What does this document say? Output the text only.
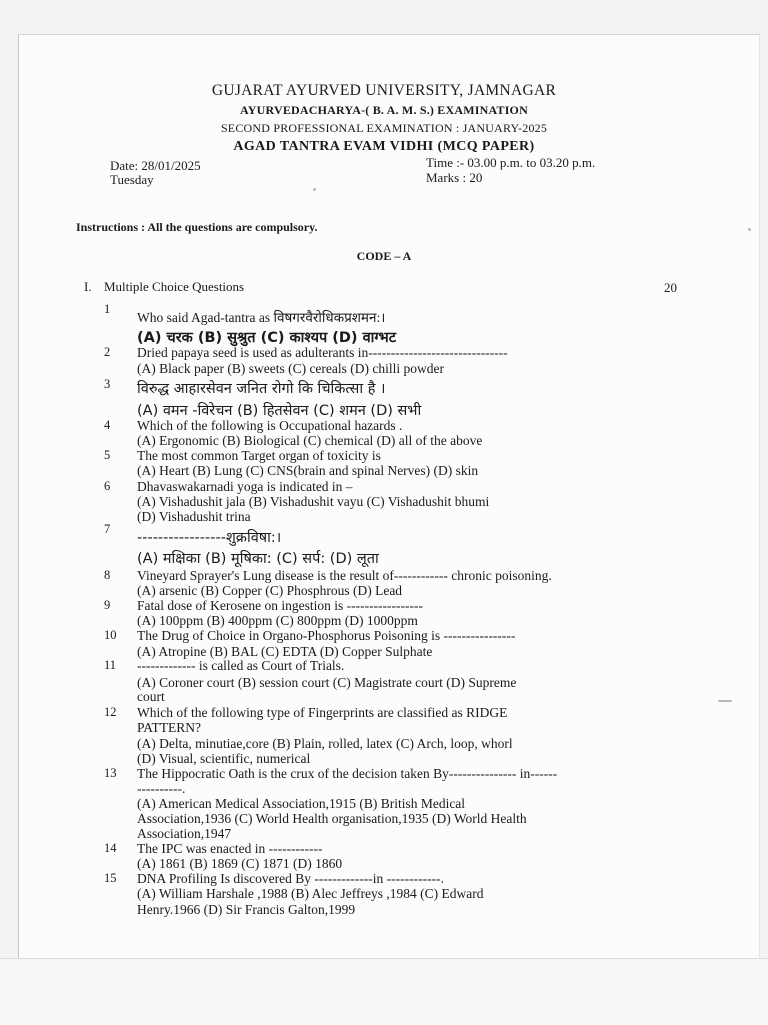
GUJARAT AYURVED UNIVERSITY, JAMNAGAR
AYURVEDACHARYA-( B. A. M. S.) EXAMINATION
SECOND PROFESSIONAL EXAMINATION : JANUARY-2025
AGAD TANTRA EVAM VIDHI (MCQ PAPER)
Date: 28/01/2025
Tuesday
Time :- 03.00 p.m. to 03.20 p.m.
Marks : 20
Instructions : All the questions are compulsory.
CODE – A
I. Multiple Choice Questions	20
1
Who said Agad-tantra as विषगरवैरोधिकप्रशमन:।
(A) चरक (B) सुश्रुत (C) काश्यप (D) वाग्भट
2 Dried papaya seed is used as adulterants in-------------------------------
(A) Black paper (B) sweets (C) cereals (D) chilli powder
3 विरुद्ध आहारसेवन जनित रोगो कि चिकित्सा है ।
(A) वमन -विरेचन (B) हितसेवन (C) शमन (D) सभी
4 Which of the following is Occupational hazards .
(A) Ergonomic (B) Biological (C) chemical (D) all of the above
5 The most common Target organ of toxicity is
(A) Heart (B) Lung (C) CNS(brain and spinal Nerves) (D) skin
6 Dhavaswakarnadi yoga is indicated in –
(A) Vishadushit jala (B) Vishadushit vayu (C) Vishadushit bhumi
(D) Vishadushit trina
7
-----------------शुक्रविषा:।
(A) मक्षिका (B) मूषिका: (C) सर्प: (D) लूता
8 Vineyard Sprayer's Lung disease is the result of------------ chronic poisoning.
(A) arsenic (B) Copper (C) Phosphrous (D) Lead
9 Fatal dose of Kerosene on ingestion is -----------------
(A) 100ppm (B) 400ppm (C) 800ppm (D) 1000ppm
10 The Drug of Choice in Organo-Phosphorus Poisoning is ----------------
(A) Atropine (B) BAL (C) EDTA (D) Copper Sulphate
11 ------------- is called as Court of Trials.
(A) Coroner court (B) session court (C) Magistrate court (D) Supreme
court
12 Which of the following type of Fingerprints are classified as RIDGE
PATTERN?
(A) Delta, minutiae,core (B) Plain, rolled, latex (C) Arch, loop, whorl
(D) Visual, scientific, numerical
13 The Hippocratic Oath is the crux of the decision taken By--------------- in------
----------.
(A) American Medical Association,1915 (B) British Medical
Association,1936 (C) World Health organisation,1935 (D) World Health
Association,1947
14 The IPC was enacted in ------------
(A) 1861 (B) 1869 (C) 1871 (D) 1860
15 DNA Profiling Is discovered By -------------in ------------.
(A) William Harshale ,1988 (B) Alec Jeffreys ,1984 (C) Edward
Henry.1966 (D) Sir Francis Galton,1999
